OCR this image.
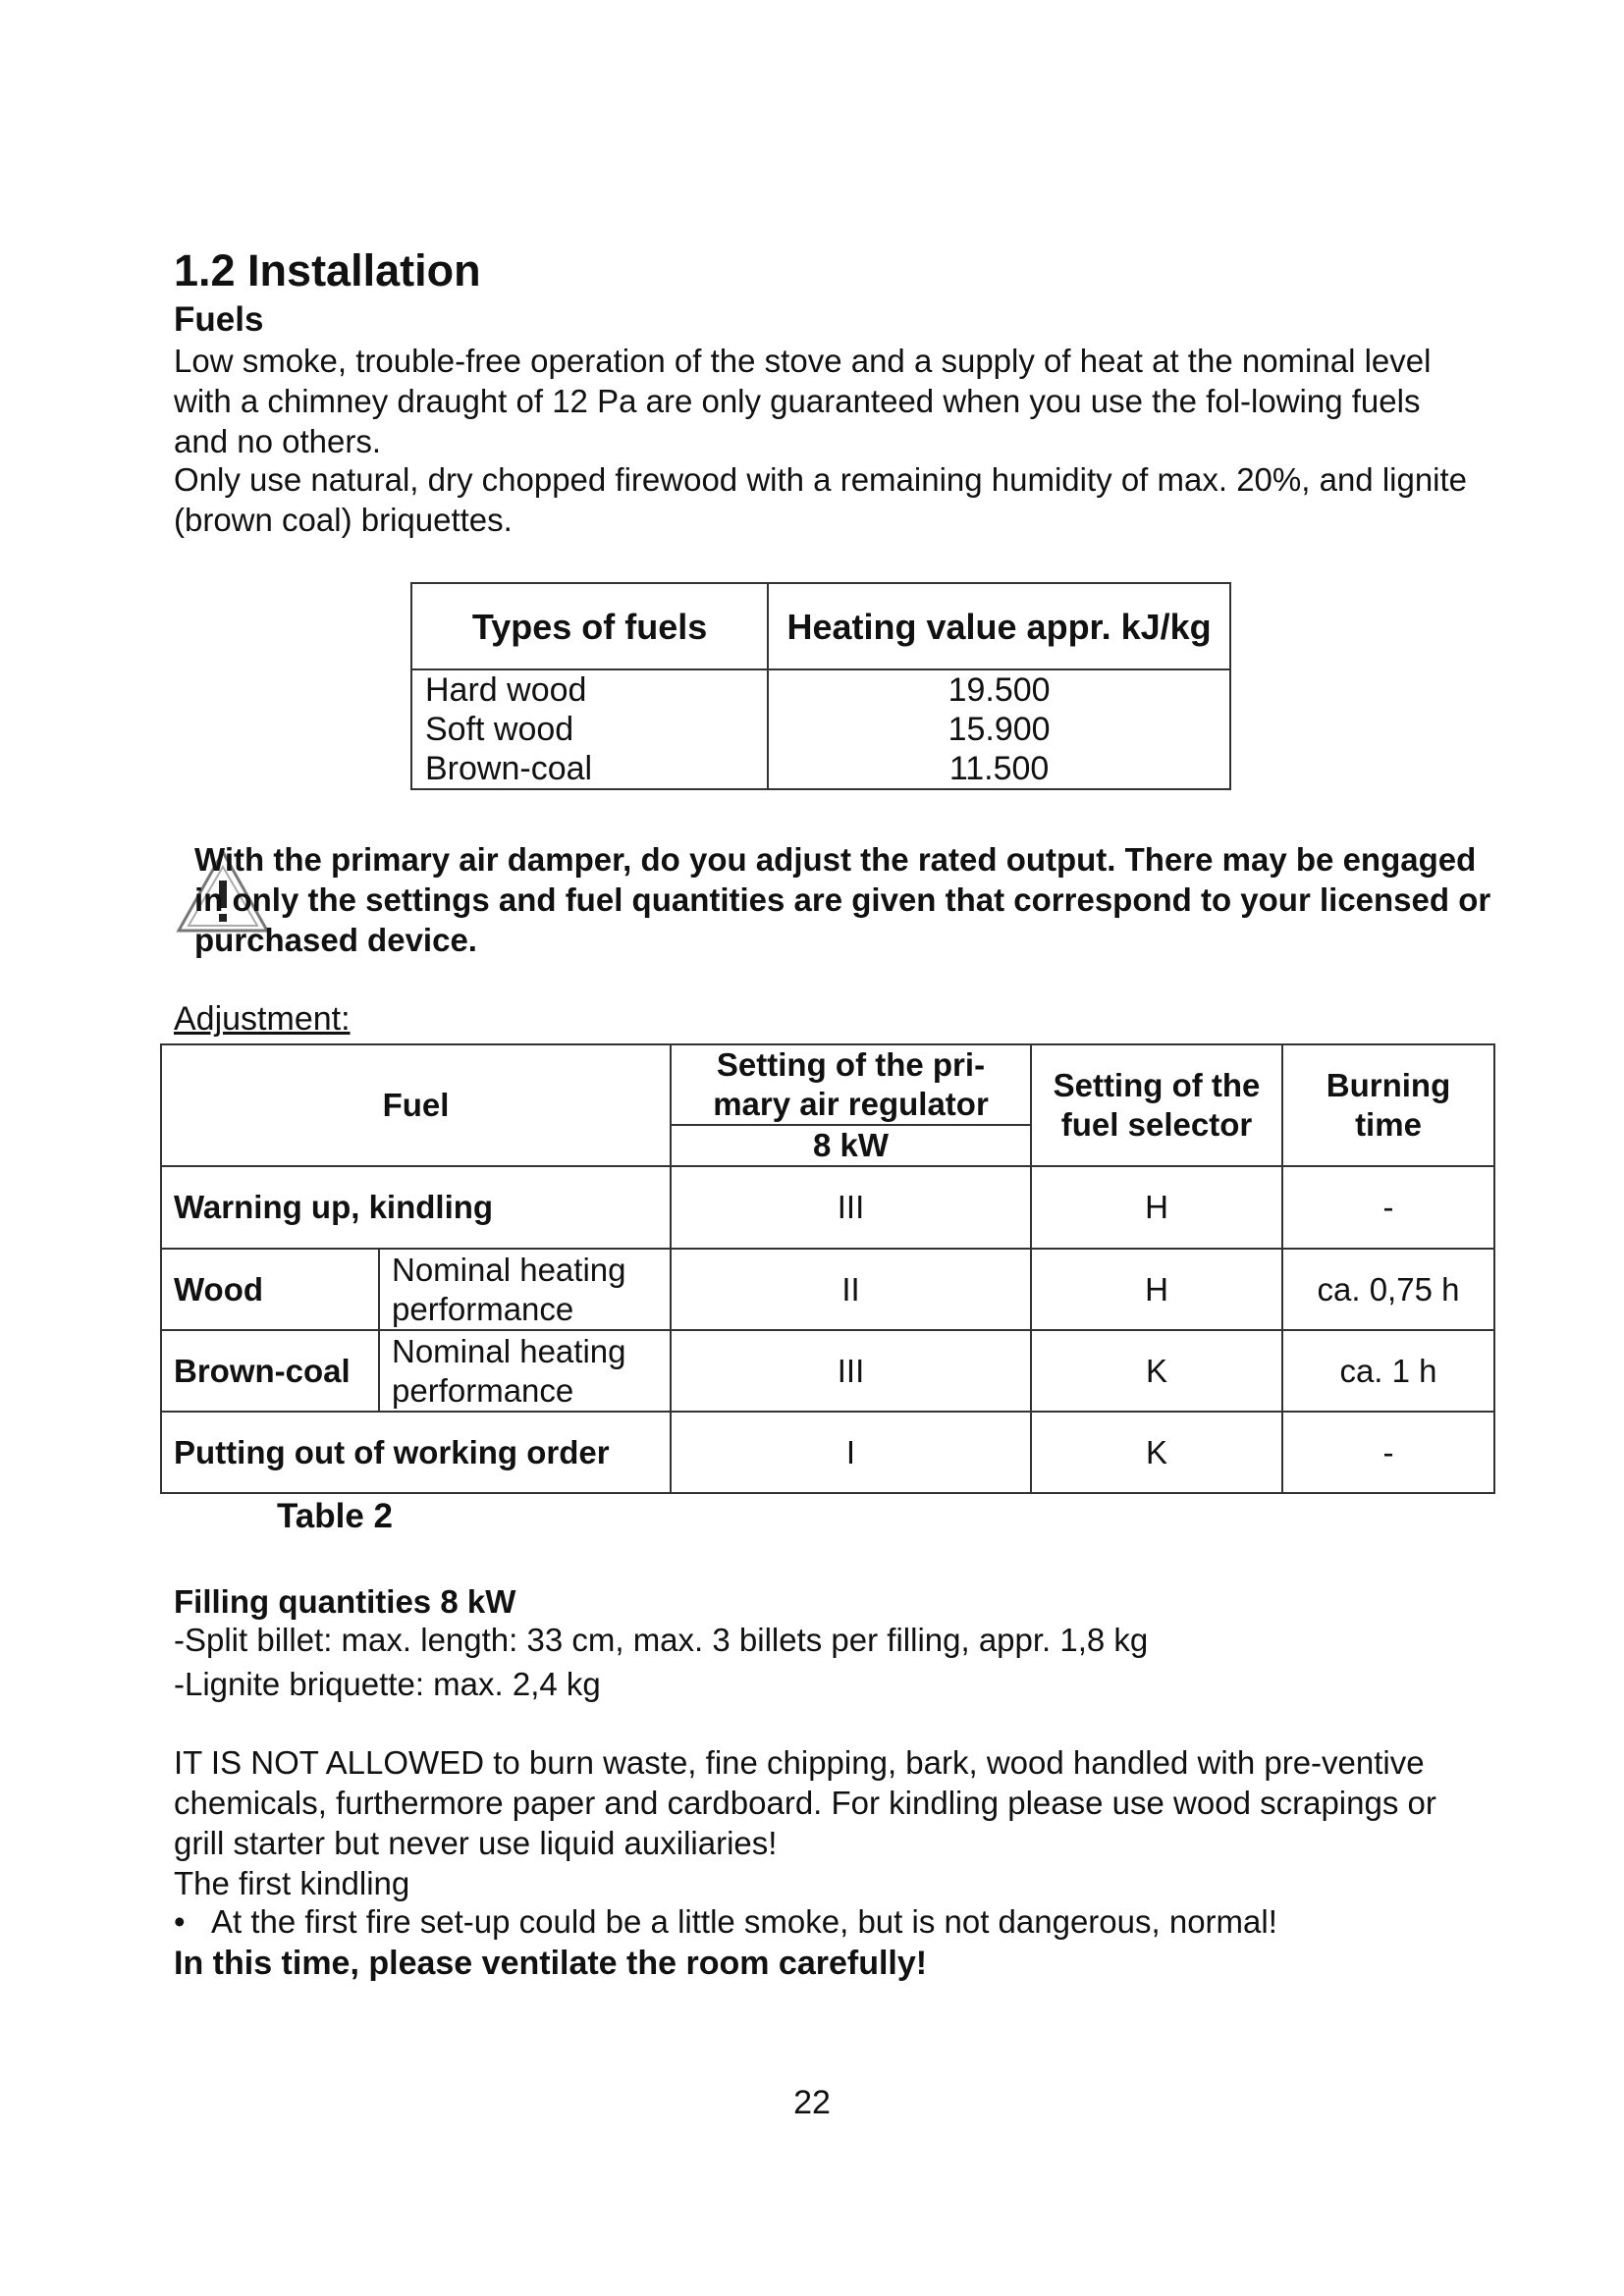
1.2 Installation
Fuels
Low smoke, trouble-free operation of the stove and a supply of heat at the nominal level with a chimney draught of 12 Pa are only guaranteed when you use the fol-lowing fuels and no others.
Only use natural, dry chopped firewood with a remaining humidity of max. 20%, and lignite (brown coal) briquettes.
Types of fuels	Heating value appr. kJ/kg
Hard wood	19.500
Soft wood	15.900
Brown-coal	11.500
With the primary air damper, do you adjust the rated output. There may be engaged in only the settings and fuel quantities are given that correspond to your licensed or purchased device.
Adjustment:
Fuel		Setting of the pri-mary air regulator	Setting of the fuel selector	Burning time
		8 kW		
Warning up, kindling		III	H	-
Wood	Nominal heating performance	II	H	ca. 0,75 h
Brown-coal	Nominal heating performance	III	K	ca. 1 h
Putting out of working order		I	K	-
Table 2
Filling quantities 8 kW
-Split billet: max. length: 33 cm, max. 3 billets per filling, appr. 1,8 kg
-Lignite briquette: max. 2,4 kg
IT IS NOT ALLOWED to burn waste, fine chipping, bark, wood handled with pre-ventive chemicals, furthermore paper and cardboard. For kindling please use wood scrapings or grill starter but never use liquid auxiliaries!
The first kindling
• At the first fire set-up could be a little smoke, but is not dangerous, normal!
In this time, please ventilate the room carefully!
22
